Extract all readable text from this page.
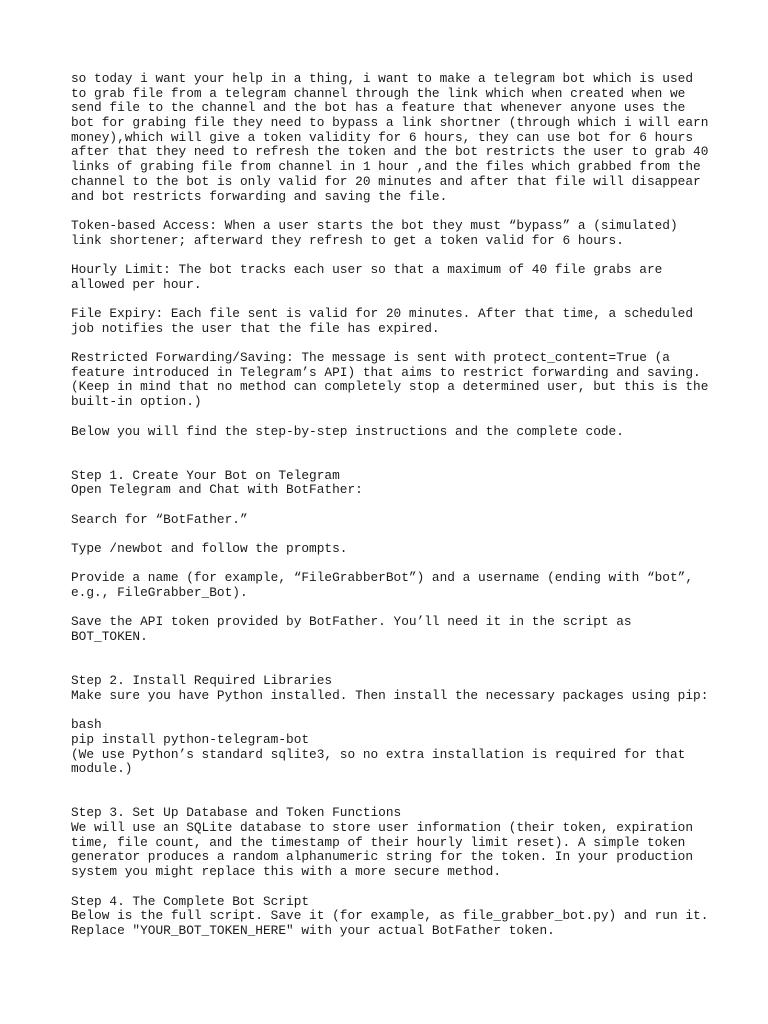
so today i want your help in a thing, i want to make a telegram bot which is used
to grab file from a telegram channel through the link which when created when we
send file to the channel and the bot has a feature that whenever anyone uses the
bot for grabing file they need to bypass a link shortner (through which i will earn
money),which will give a token validity for 6 hours, they can use bot for 6 hours
after that they need to refresh the token and the bot restricts the user to grab 40
links of grabing file from channel in 1 hour ,and the files which grabbed from the
channel to the bot is only valid for 20 minutes and after that file will disappear
and bot restricts forwarding and saving the file.
Token-based Access: When a user starts the bot they must “bypass” a (simulated)
link shortener; afterward they refresh to get a token valid for 6 hours.
Hourly Limit: The bot tracks each user so that a maximum of 40 file grabs are
allowed per hour.
File Expiry: Each file sent is valid for 20 minutes. After that time, a scheduled
job notifies the user that the file has expired.
Restricted Forwarding/Saving: The message is sent with protect_content=True (a
feature introduced in Telegram’s API) that aims to restrict forwarding and saving.
(Keep in mind that no method can completely stop a determined user, but this is the
built-in option.)
Below you will find the step-by-step instructions and the complete code.
Step 1. Create Your Bot on Telegram
Open Telegram and Chat with BotFather:
Search for “BotFather.”
Type /newbot and follow the prompts.
Provide a name (for example, “FileGrabberBot”) and a username (ending with “bot”,
e.g., FileGrabber_Bot).
Save the API token provided by BotFather. You’ll need it in the script as
BOT_TOKEN.
Step 2. Install Required Libraries
Make sure you have Python installed. Then install the necessary packages using pip:
bash
pip install python-telegram-bot
(We use Python’s standard sqlite3, so no extra installation is required for that
module.)
Step 3. Set Up Database and Token Functions
We will use an SQLite database to store user information (their token, expiration
time, file count, and the timestamp of their hourly limit reset). A simple token
generator produces a random alphanumeric string for the token. In your production
system you might replace this with a more secure method.
Step 4. The Complete Bot Script
Below is the full script. Save it (for example, as file_grabber_bot.py) and run it.
Replace "YOUR_BOT_TOKEN_HERE" with your actual BotFather token.
